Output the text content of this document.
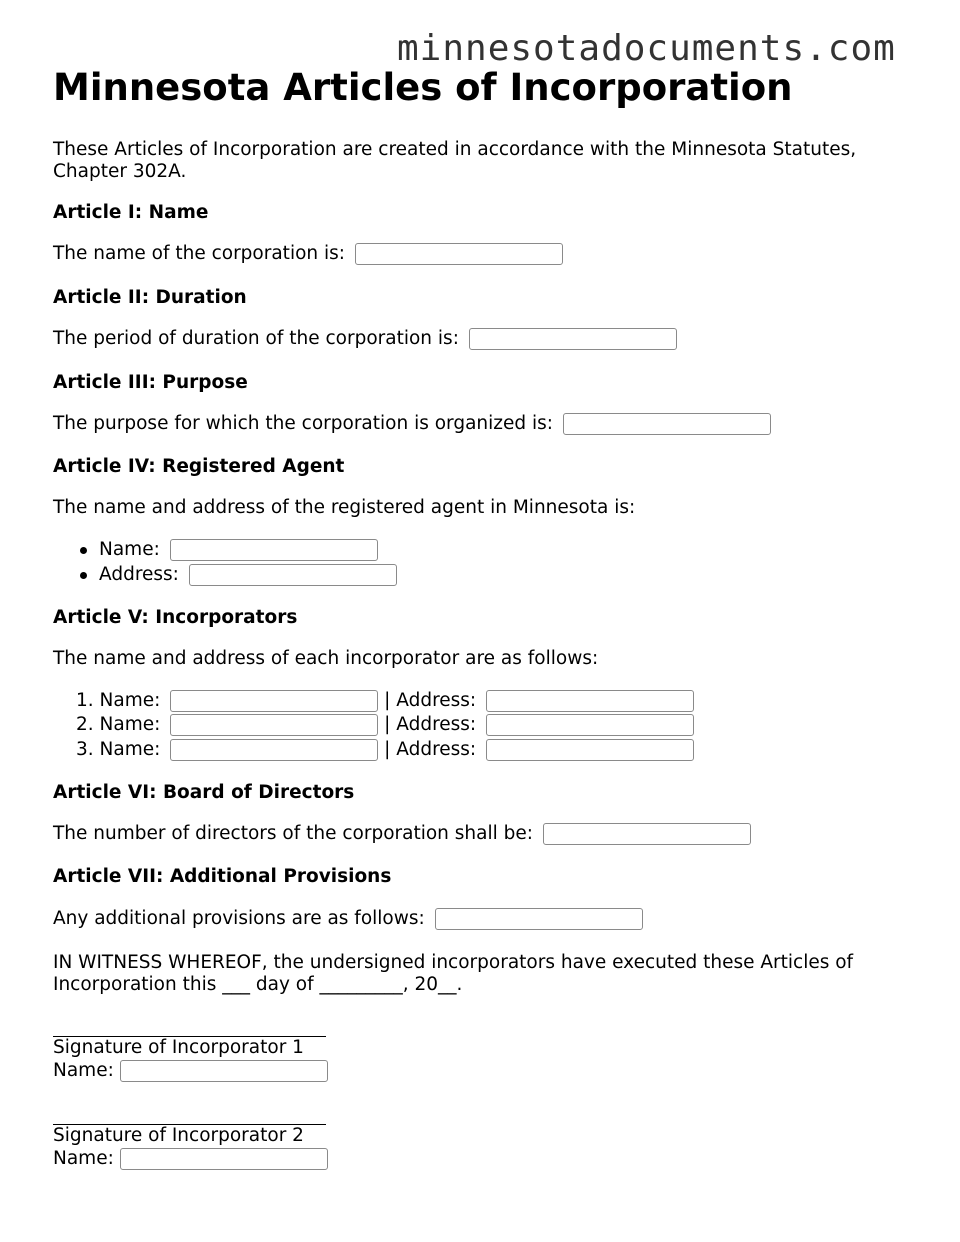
minnesotadocuments.com
Minnesota Articles of Incorporation
These Articles of Incorporation are created in accordance with the Minnesota Statutes, Chapter 302A.
Article I: Name
The name of the corporation is:
Article II: Duration
The period of duration of the corporation is:
Article III: Purpose
The purpose for which the corporation is organized is:
Article IV: Registered Agent
The name and address of the registered agent in Minnesota is:
Name:
Address:
Article V: Incorporators
The name and address of each incorporator are as follows:
1. Name:	| Address:
2. Name:	| Address:
3. Name:	| Address:
Article VI: Board of Directors
The number of directors of the corporation shall be:
Article VII: Additional Provisions
Any additional provisions are as follows:
IN WITNESS WHEREOF, the undersigned incorporators have executed these Articles of Incorporation this ___ day of _________, 20__.
Signature of Incorporator 1
Name:
Signature of Incorporator 2
Name:
